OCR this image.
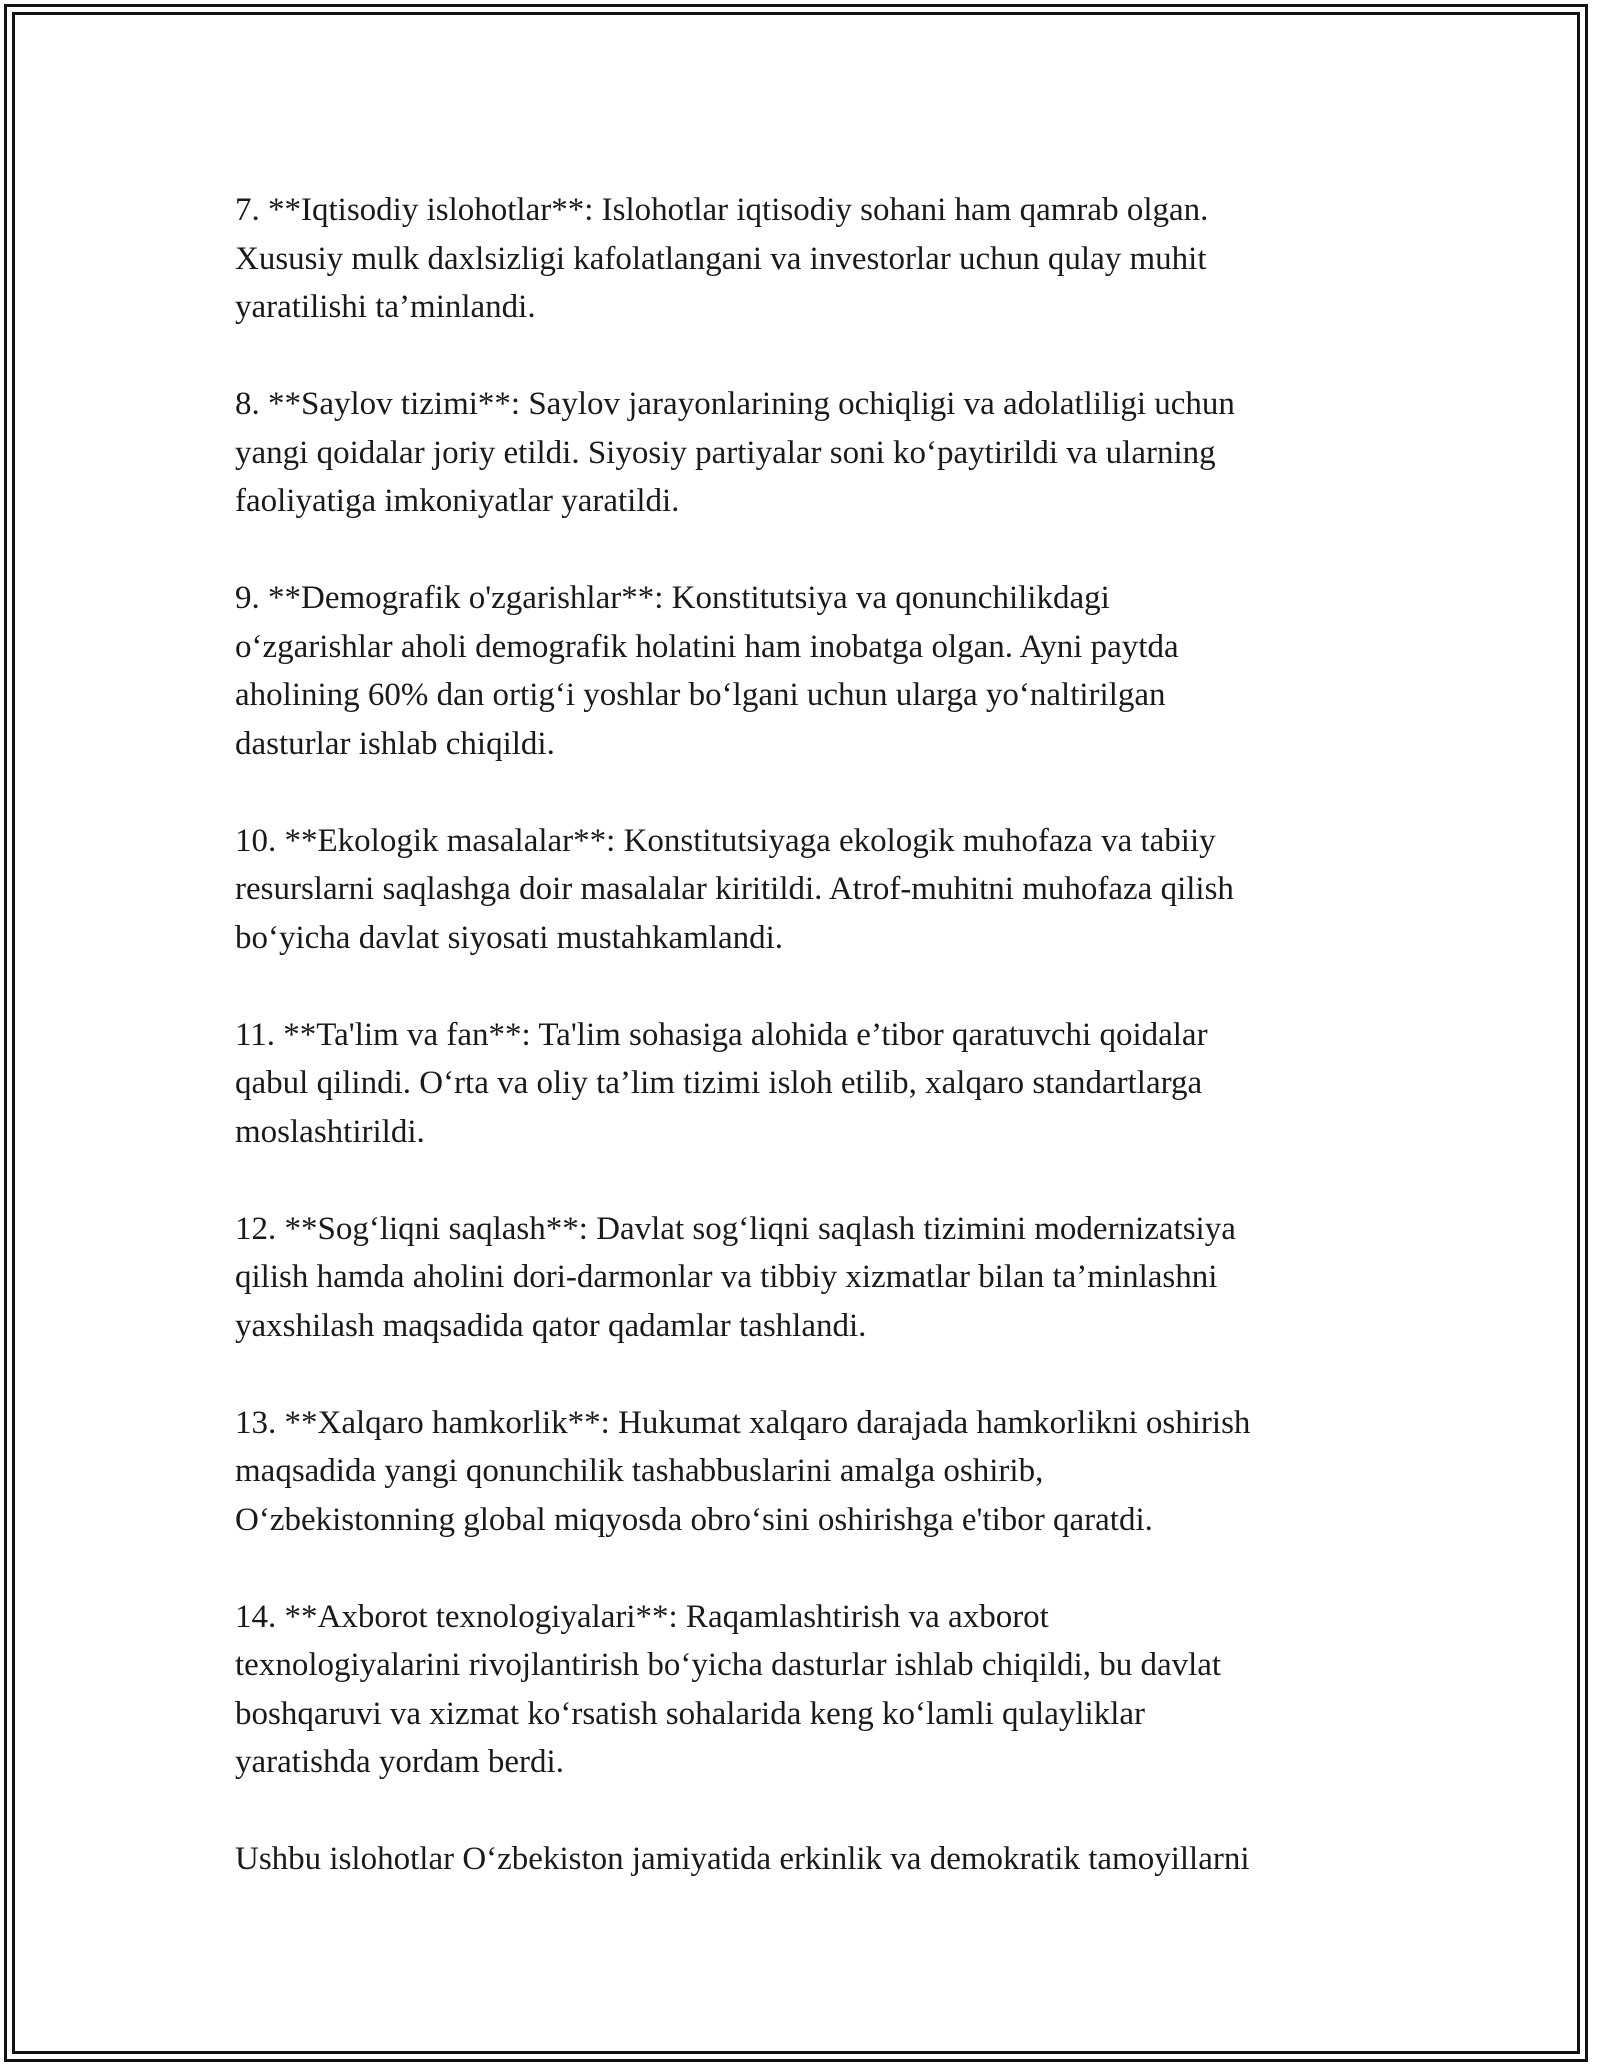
7. **Iqtisodiy islohotlar**: Islohotlar iqtisodiy sohani ham qamrab olgan.
Xususiy mulk daxlsizligi kafolatlangani va investorlar uchun qulay muhit
yaratilishi ta’minlandi.

8. **Saylov tizimi**: Saylov jarayonlarining ochiqligi va adolatliligi uchun
yangi qoidalar joriy etildi. Siyosiy partiyalar soni ko‘paytirildi va ularning
faoliyatiga imkoniyatlar yaratildi.

9. **Demografik o'zgarishlar**: Konstitutsiya va qonunchilikdagi
o‘zgarishlar aholi demografik holatini ham inobatga olgan. Ayni paytda
aholining 60% dan ortig‘i yoshlar bo‘lgani uchun ularga yo‘naltirilgan
dasturlar ishlab chiqildi.

10. **Ekologik masalalar**: Konstitutsiyaga ekologik muhofaza va tabiiy
resurslarni saqlashga doir masalalar kiritildi. Atrof-muhitni muhofaza qilish
bo‘yicha davlat siyosati mustahkamlandi.

11. **Ta'lim va fan**: Ta'lim sohasiga alohida e’tibor qaratuvchi qoidalar
qabul qilindi. O‘rta va oliy ta’lim tizimi isloh etilib, xalqaro standartlarga
moslashtirildi.

12. **Sog‘liqni saqlash**: Davlat sog‘liqni saqlash tizimini modernizatsiya
qilish hamda aholini dori-darmonlar va tibbiy xizmatlar bilan ta’minlashni
yaxshilash maqsadida qator qadamlar tashlandi.

13. **Xalqaro hamkorlik**: Hukumat xalqaro darajada hamkorlikni oshirish
maqsadida yangi qonunchilik tashabbuslarini amalga oshirib,
O‘zbekistonning global miqyosda obro‘sini oshirishga e'tibor qaratdi.

14. **Axborot texnologiyalari**: Raqamlashtirish va axborot
texnologiyalarini rivojlantirish bo‘yicha dasturlar ishlab chiqildi, bu davlat
boshqaruvi va xizmat ko‘rsatish sohalarida keng ko‘lamli qulayliklar
yaratishda yordam berdi.

Ushbu islohotlar O‘zbekiston jamiyatida erkinlik va demokratik tamoyillarni
